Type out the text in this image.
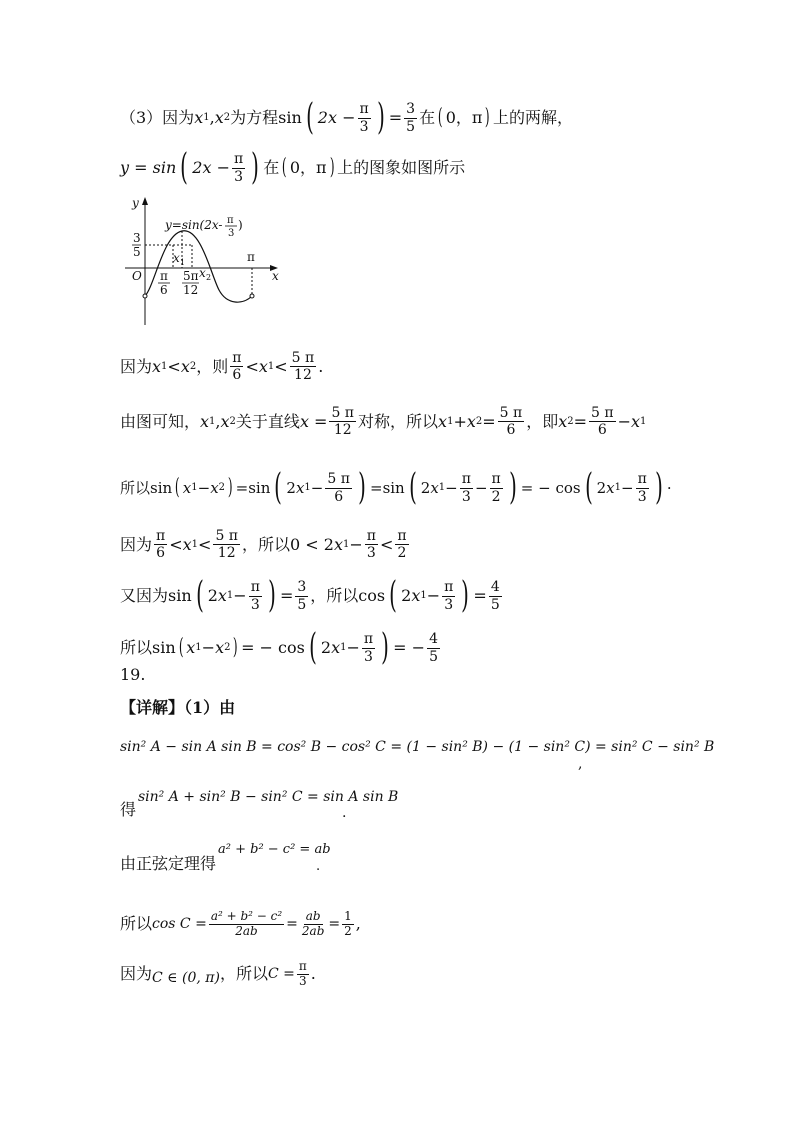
（3）因为 x 1 , x 2 为方程 sin ( $2x - \frac{\pi}{3}$ ) = $\frac{3}{5}$ 在 ( 0，π ) 上的两解，
y = sin ( $2x - \frac{\pi}{3}$ ) 在 ( 0，π ) 上的图象如图所示
y
x
O
y=sin(2x- π
3
)
3
5	x 1
x 2
π
6
5π
12
π
因为 x 1 < x 2 ，则 $\frac{\pi}{6} < x$ $1 < \frac{5 \pi}{12}$ .
由图可知， x 1 , x 2 关于直线 $x = \frac{5 \pi}{12}$ 对称，所以 x 1 + x $2 = \frac{5 \pi}{6}$ ，即 x $2 = \frac{5 \pi}{6} - x$ 1
所以 sin ( x 1 − x 2 ) = sin ( 2 x $1 - \frac{5 \pi}{6}$ ) = sin ( 2 x $1 - \frac{\pi}{3} - \frac{\pi}{2}$ ) = − cos ( 2 x $1 - \frac{\pi}{3}$ ) ·
因为 $\frac{\pi}{6} < x$ $1 < \frac{5 \pi}{12}$ ，所以0 < 2 x $1 - \frac{\pi}{3} < \frac{\pi}{2}$
又因为 sin ( 2 x $1 - \frac{\pi}{3}$ ) = $\frac{3}{5}$ ，所以 cos ( 2 x $1 - \frac{\pi}{3}$ ) = $\frac{4}{5}$
所以 sin ( x 1 − x 2 ) = − cos ( 2 x $1 - \frac{\pi}{3}$ ) = − $\frac{4}{5}$
19.
【详解】（1）由
sin² A − sin A sin B = cos² B − cos² C = (1 − sin² B) − (1 − sin² C) = sin² C − sin² B
,
得
sin² A + sin² B − sin² C = sin A sin B
.
由正弦定理得
a² + b² − c² = ab
.
所以 $\cos C = \frac{\text{a² + b² − c²}}{2ab} = \frac{ab}{2ab} = \frac{1}{2}$ ,
因为 C ∈ (0, π) ，所以 $C = \frac{\pi}{3}$ .
